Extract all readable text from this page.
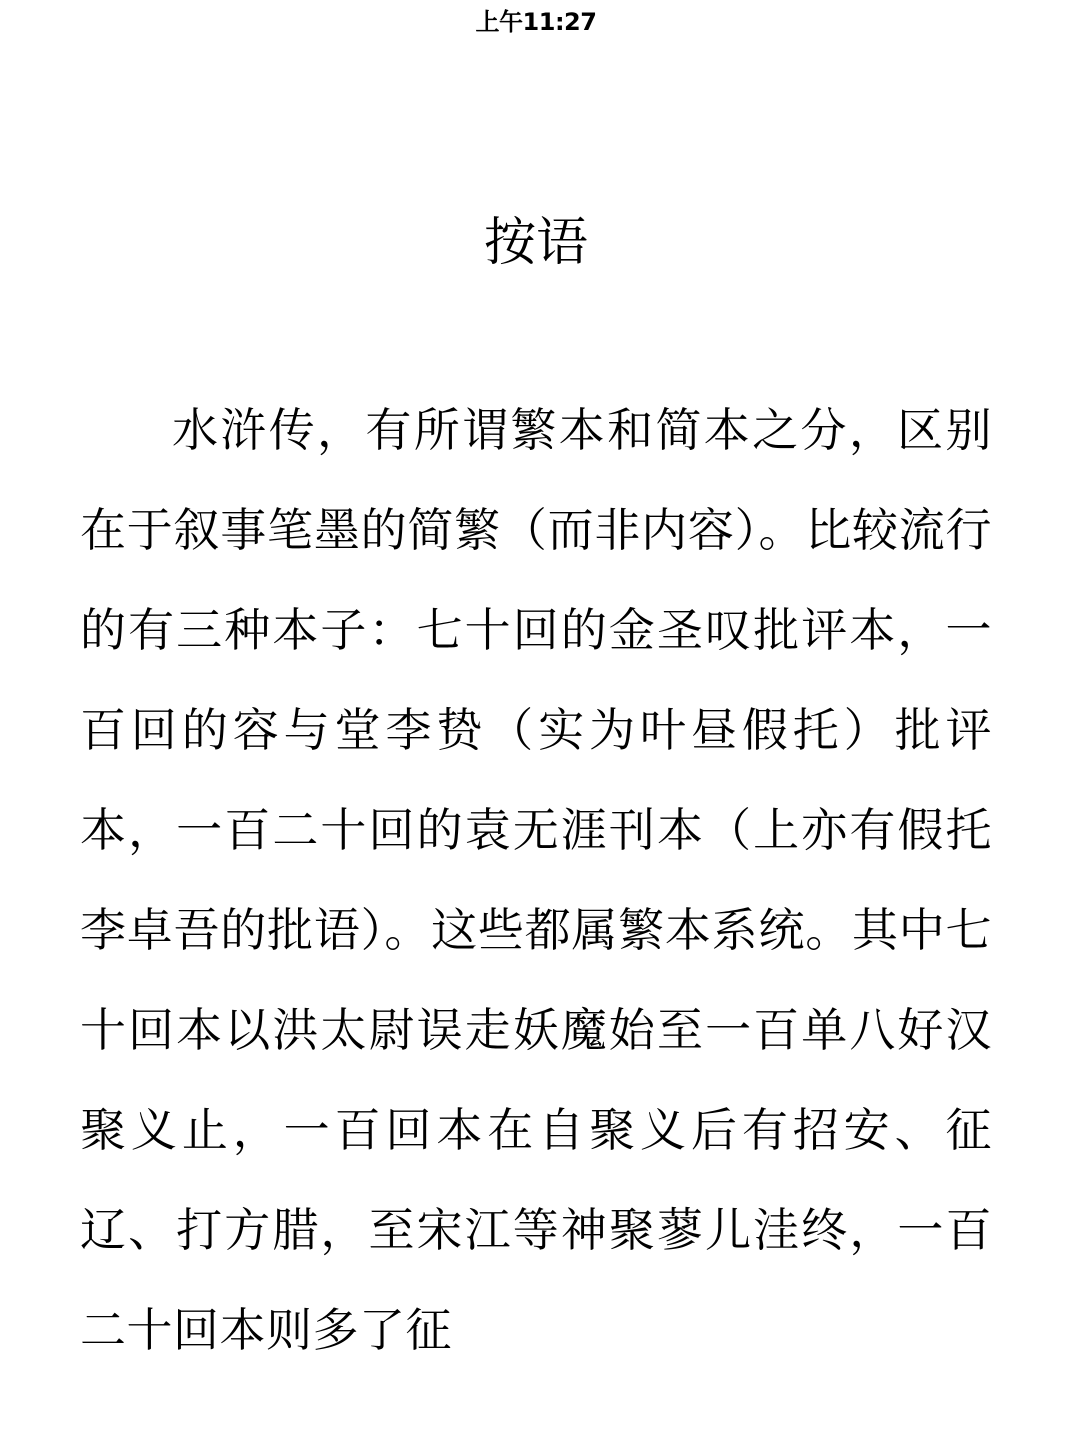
上午11:27
按语

水浒传，有所谓繁本和简本之分，区别在于叙事笔墨的简繁（而非内容）。比较流行的有三种本子：七十回的金圣叹批评本，一百回的容与堂李贽（实为叶昼假托）批评本，一百二十回的袁无涯刊本（上亦有假托李卓吾的批语）。这些都属繁本系统。其中七十回本以洪太尉误走妖魔始至一百单八好汉聚义止，一百回本在自聚义后有招安、征辽、打方腊，至宋江等神聚蓼儿洼终，一百二十回本则多了征
